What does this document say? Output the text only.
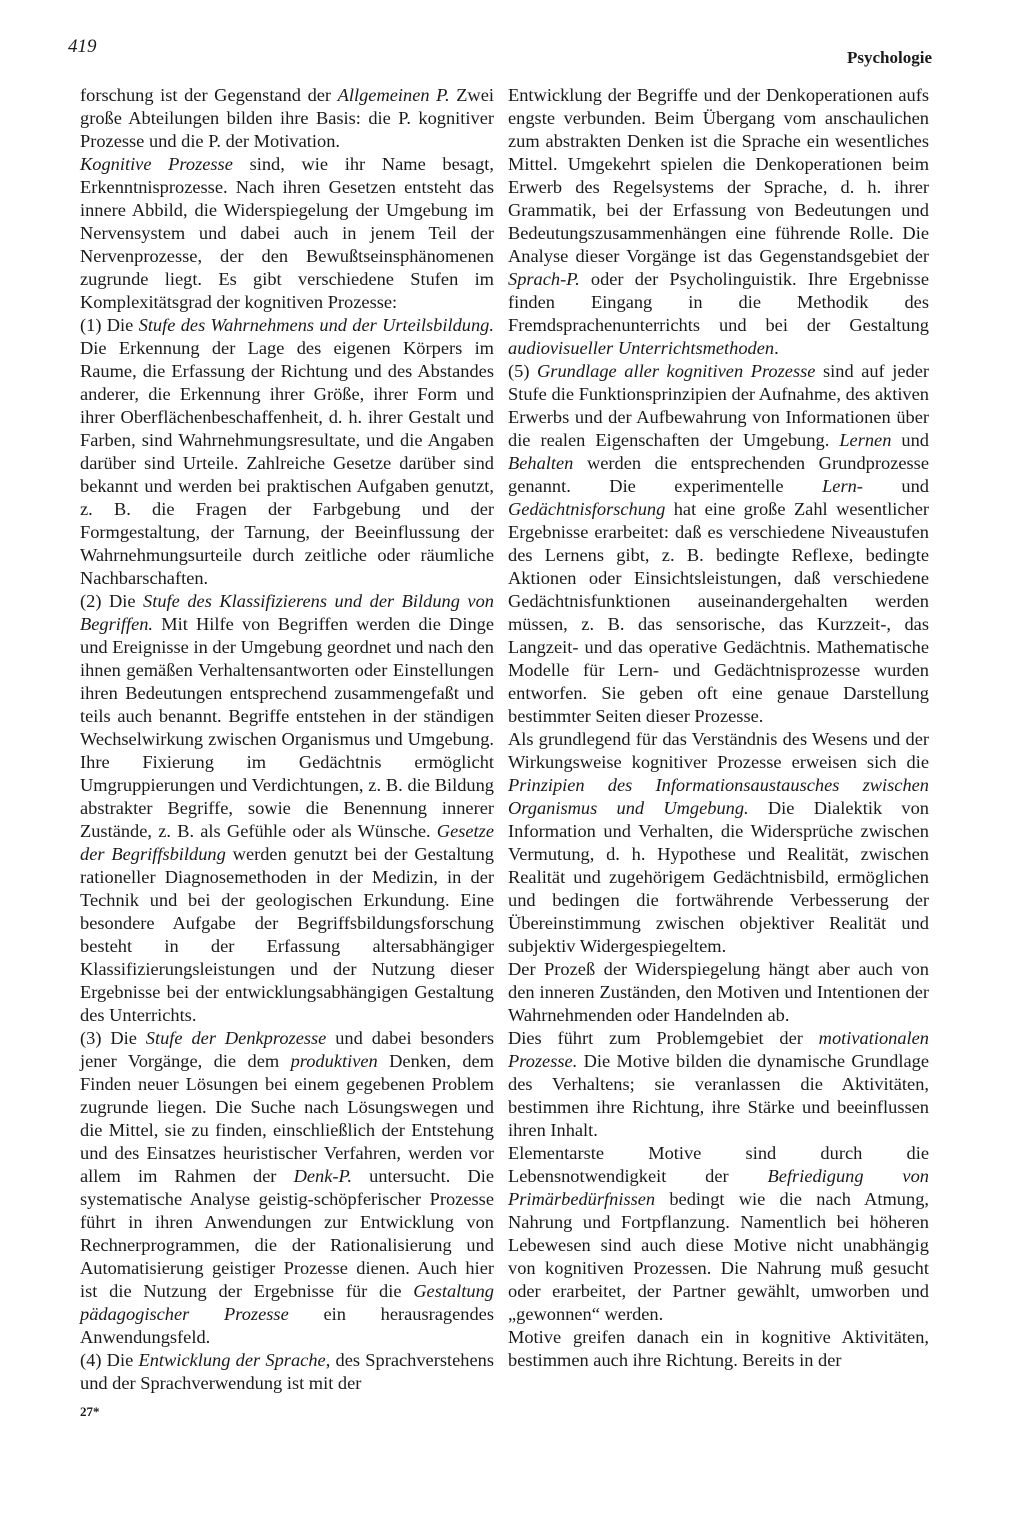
419
Psychologie

forschung ist der Gegenstand der Allgemeinen P. Zwei große Abteilungen bilden ihre Basis: die P. kognitiver Prozesse und die P. der Motivation.

Kognitive Prozesse sind, wie ihr Name besagt, Erkenntnisprozesse. Nach ihren Gesetzen entsteht das innere Abbild, die Widerspiegelung der Umgebung im Nervensystem und dabei auch in jenem Teil der Nervenprozesse, der den Bewußtseinsphänomenen zugrunde liegt. Es gibt verschiedene Stufen im Komplexitätsgrad der kognitiven Prozesse:

(1) Die Stufe des Wahrnehmens und der Urteilsbildung. Die Erkennung der Lage des eigenen Körpers im Raume, die Erfassung der Richtung und des Abstandes anderer, die Erkennung ihrer Größe, ihrer Form und ihrer Oberflächenbeschaffenheit, d. h. ihrer Gestalt und Farben, sind Wahrnehmungsresultate, und die Angaben darüber sind Urteile. Zahlreiche Gesetze darüber sind bekannt und werden bei praktischen Aufgaben genutzt, z. B. die Fragen der Farbgebung und der Formgestaltung, der Tarnung, der Beeinflussung der Wahrnehmungsurteile durch zeitliche oder räumliche Nachbarschaften.

(2) Die Stufe des Klassifizierens und der Bildung von Begriffen. Mit Hilfe von Begriffen werden die Dinge und Ereignisse in der Umgebung geordnet und nach den ihnen gemäßen Verhaltensantworten oder Einstellungen ihren Bedeutungen entsprechend zusammengefaßt und teils auch benannt. Begriffe entstehen in der ständigen Wechselwirkung zwischen Organismus und Umgebung. Ihre Fixierung im Gedächtnis ermöglicht Umgruppierungen und Verdichtungen, z. B. die Bildung abstrakter Begriffe, sowie die Benennung innerer Zustände, z. B. als Gefühle oder als Wünsche. Gesetze der Begriffsbildung werden genutzt bei der Gestaltung rationeller Diagnosemethoden in der Medizin, in der Technik und bei der geologischen Erkundung. Eine besondere Aufgabe der Begriffsbildungsforschung besteht in der Erfassung altersabhängiger Klassifizierungsleistungen und der Nutzung dieser Ergebnisse bei der entwicklungsabhängigen Gestaltung des Unterrichts.

(3) Die Stufe der Denkprozesse und dabei besonders jener Vorgänge, die dem produktiven Denken, dem Finden neuer Lösungen bei einem gegebenen Problem zugrunde liegen. Die Suche nach Lösungswegen und die Mittel, sie zu finden, einschließlich der Entstehung und des Einsatzes heuristischer Verfahren, werden vor allem im Rahmen der Denk-P. untersucht. Die systematische Analyse geistig-schöpferischer Prozesse führt in ihren Anwendungen zur Entwicklung von Rechnerprogrammen, die der Rationalisierung und Automatisierung geistiger Prozesse dienen. Auch hier ist die Nutzung der Ergebnisse für die Gestaltung pädagogischer Prozesse ein herausragendes Anwendungsfeld.

(4) Die Entwicklung der Sprache, des Sprachverstehens und der Sprachverwendung ist mit der

Entwicklung der Begriffe und der Denkoperationen aufs engste verbunden. Beim Übergang vom anschaulichen zum abstrakten Denken ist die Sprache ein wesentliches Mittel. Umgekehrt spielen die Denkoperationen beim Erwerb des Regelsystems der Sprache, d. h. ihrer Grammatik, bei der Erfassung von Bedeutungen und Bedeutungszusammenhängen eine führende Rolle. Die Analyse dieser Vorgänge ist das Gegenstandsgebiet der Sprach-P. oder der Psycholinguistik. Ihre Ergebnisse finden Eingang in die Methodik des Fremdsprachenunterrichts und bei der Gestaltung audiovisueller Unterrichtsmethoden.

(5) Grundlage aller kognitiven Prozesse sind auf jeder Stufe die Funktionsprinzipien der Aufnahme, des aktiven Erwerbs und der Aufbewahrung von Informationen über die realen Eigenschaften der Umgebung. Lernen und Behalten werden die entsprechenden Grundprozesse genannt. Die experimentelle Lern- und Gedächtnisforschung hat eine große Zahl wesentlicher Ergebnisse erarbeitet: daß es verschiedene Niveaustufen des Lernens gibt, z. B. bedingte Reflexe, bedingte Aktionen oder Einsichtsleistungen, daß verschiedene Gedächtnisfunktionen auseinandergehalten werden müssen, z. B. das sensorische, das Kurzzeit-, das Langzeit- und das operative Gedächtnis. Mathematische Modelle für Lern- und Gedächtnisprozesse wurden entworfen. Sie geben oft eine genaue Darstellung bestimmter Seiten dieser Prozesse.

Als grundlegend für das Verständnis des Wesens und der Wirkungsweise kognitiver Prozesse erweisen sich die Prinzipien des Informationsaustausches zwischen Organismus und Umgebung. Die Dialektik von Information und Verhalten, die Widersprüche zwischen Vermutung, d. h. Hypothese und Realität, zwischen Realität und zugehörigem Gedächtnisbild, ermöglichen und bedingen die fortwährende Verbesserung der Übereinstimmung zwischen objektiver Realität und subjektiv Widergespiegeltem.

Der Prozeß der Widerspiegelung hängt aber auch von den inneren Zuständen, den Motiven und Intentionen der Wahrnehmenden oder Handelnden ab.

Dies führt zum Problemgebiet der motivationalen Prozesse. Die Motive bilden die dynamische Grundlage des Verhaltens; sie veranlassen die Aktivitäten, bestimmen ihre Richtung, ihre Stärke und beeinflussen ihren Inhalt.

Elementarste Motive sind durch die Lebensnotwendigkeit der Befriedigung von Primärbedürfnissen bedingt wie die nach Atmung, Nahrung und Fortpflanzung. Namentlich bei höheren Lebewesen sind auch diese Motive nicht unabhängig von kognitiven Prozessen. Die Nahrung muß gesucht oder erarbeitet, der Partner gewählt, umworben und „gewonnen“ werden.

Motive greifen danach ein in kognitive Aktivitäten, bestimmen auch ihre Richtung. Bereits in der

27*
